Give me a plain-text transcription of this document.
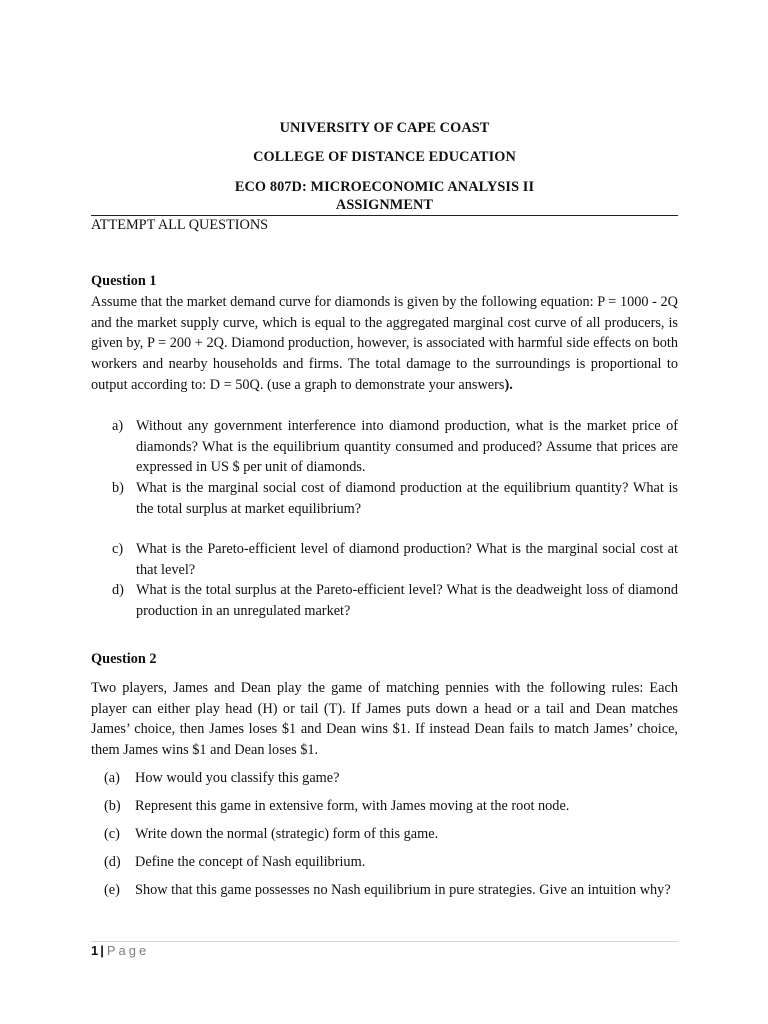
UNIVERSITY OF CAPE COAST
COLLEGE OF DISTANCE EDUCATION
ECO 807D: MICROECONOMIC ANALYSIS II
ASSIGNMENT
ATTEMPT ALL QUESTIONS
Question 1

Assume that the market demand curve for diamonds is given by the following equation: P = 1000 - 2Q and the market supply curve, which is equal to the aggregated marginal cost curve of all producers, is given by, P = 200 + 2Q. Diamond production, however, is associated with harmful side effects on both workers and nearby households and firms. The total damage to the surroundings is proportional to output according to: D = 50Q. (use a graph to demonstrate your answers).

a) Without any government interference into diamond production, what is the market price of diamonds? What is the equilibrium quantity consumed and produced? Assume that prices are expressed in US $ per unit of diamonds.
b) What is the marginal social cost of diamond production at the equilibrium quantity? What is the total surplus at market equilibrium?
c) What is the Pareto-efficient level of diamond production? What is the marginal social cost at that level?
d) What is the total surplus at the Pareto-efficient level? What is the deadweight loss of diamond production in an unregulated market?
Question 2

Two players, James and Dean play the game of matching pennies with the following rules: Each player can either play head (H) or tail (T). If James puts down a head or a tail and Dean matches James’ choice, then James loses $1 and Dean wins $1. If instead Dean fails to match James’ choice, them James wins $1 and Dean loses $1.

(a)	How would you classify this game?
(b)	Represent this game in extensive form, with James moving at the root node.
(c)	Write down the normal (strategic) form of this game.
(d)	Define the concept of Nash equilibrium.
(e)	Show that this game possesses no Nash equilibrium in pure strategies. Give an intuition why?
1 | Page
